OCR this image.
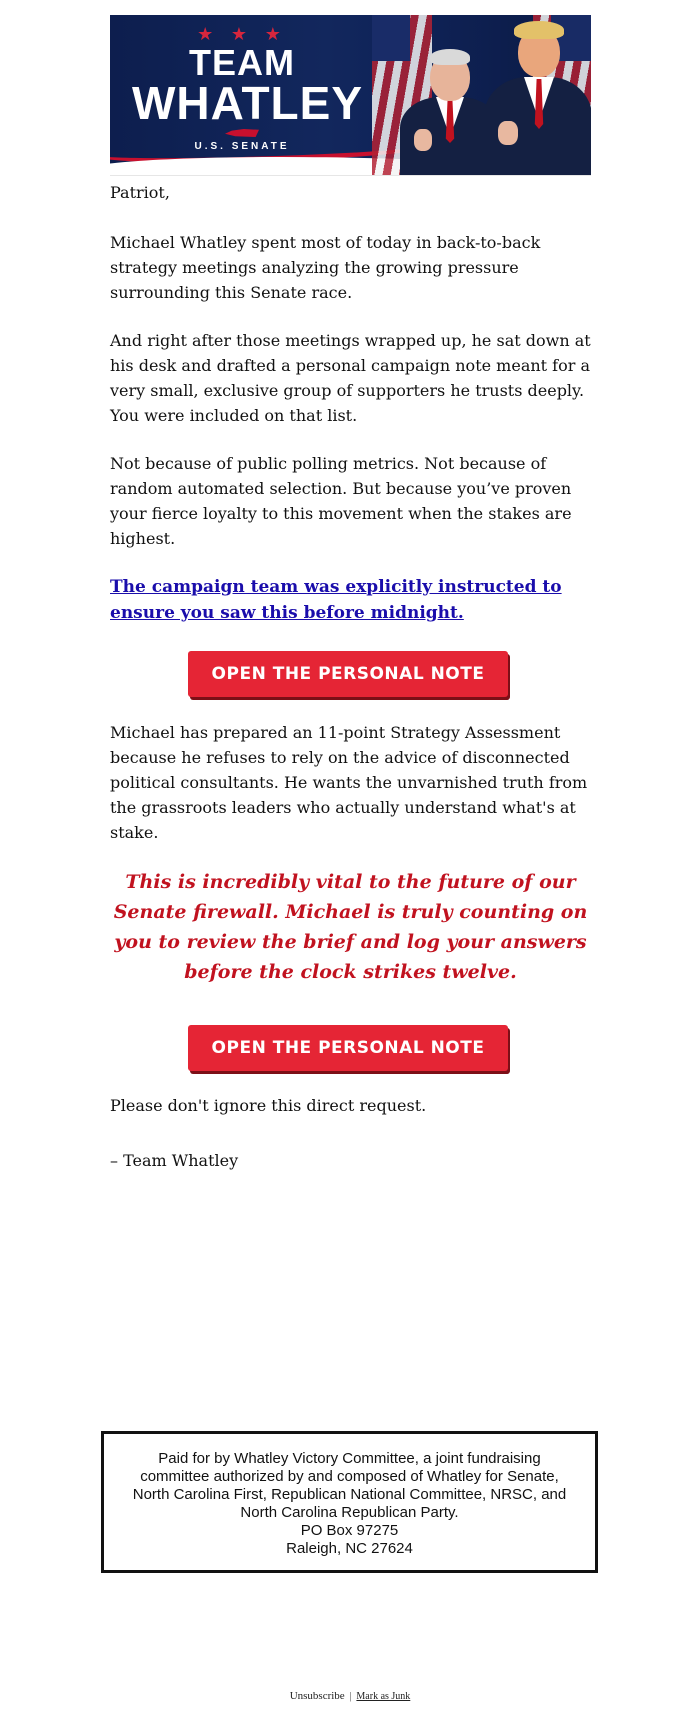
★ ★ ★
TEAM
WHATLEY
U.S. SENATE

Patriot,

Michael Whatley spent most of today in back-to-back strategy meetings analyzing the growing pressure surrounding this Senate race.

And right after those meetings wrapped up, he sat down at his desk and drafted a personal campaign note meant for a very small, exclusive group of supporters he trusts deeply. You were included on that list.

Not because of public polling metrics. Not because of random automated selection. But because you’ve proven your fierce loyalty to this movement when the stakes are highest.

The campaign team was explicitly instructed to ensure you saw this before midnight.

OPEN THE PERSONAL NOTE

Michael has prepared an 11-point Strategy Assessment because he refuses to rely on the advice of disconnected political consultants. He wants the unvarnished truth from the grassroots leaders who actually understand what's at stake.

This is incredibly vital to the future of our Senate firewall. Michael is truly counting on you to review the brief and log your answers before the clock strikes twelve.

OPEN THE PERSONAL NOTE

Please don't ignore this direct request.

– Team Whatley

Paid for by Whatley Victory Committee, a joint fundraising committee authorized by and composed of Whatley for Senate, North Carolina First, Republican National Committee, NRSC, and North Carolina Republican Party.

PO Box 97275

Raleigh, NC 27624

Unsubscribe | Mark as Junk
